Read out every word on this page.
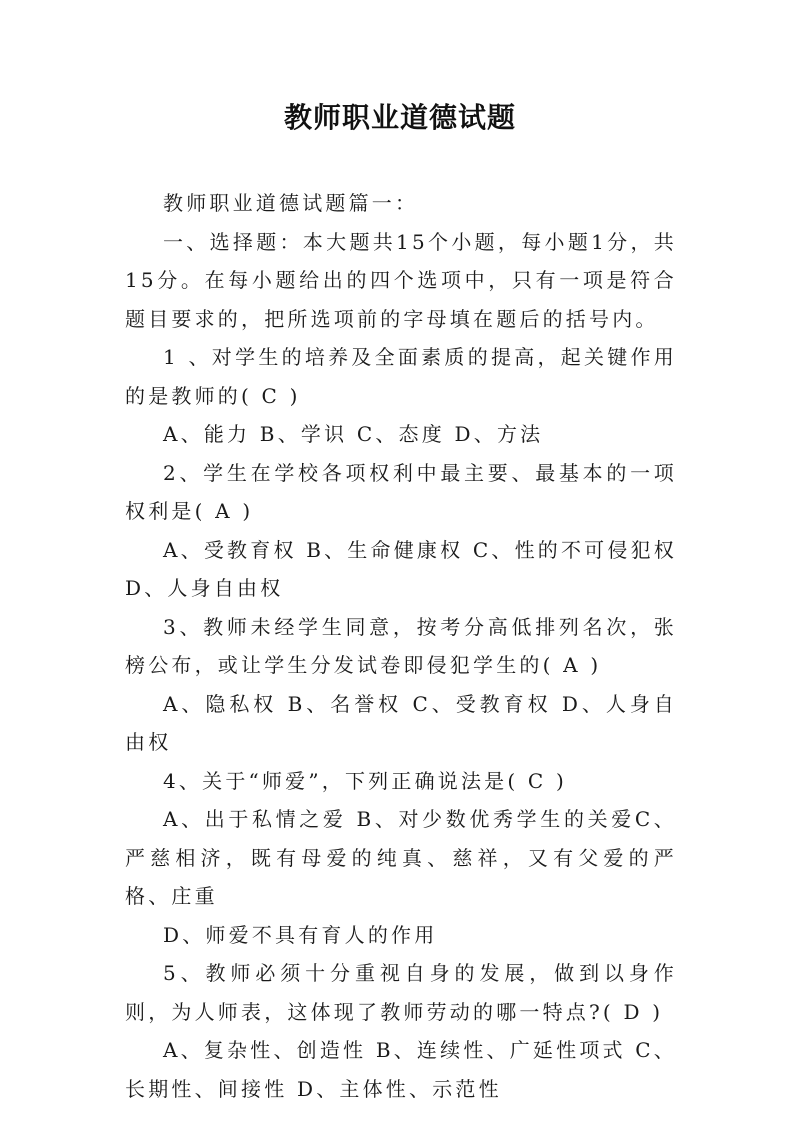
教师职业道德试题

教师职业道德试题篇一：

一、选择题：本大题共15个小题，每小题1分，共15分。在每小题给出的四个选项中，只有一项是符合题目要求的，把所选项前的字母填在题后的括号内。

1 、对学生的培养及全面素质的提高，起关键作用的是教师的( C )

A、能力 B、学识 C、态度 D、方法

2、学生在学校各项权利中最主要、最基本的一项权利是( A )

A、受教育权 B、生命健康权 C、性的不可侵犯权 D、人身自由权

3、教师未经学生同意，按考分高低排列名次，张榜公布，或让学生分发试卷即侵犯学生的( A )

A、隐私权 B、名誉权 C、受教育权 D、人身自由权

4、关于“师爱”，下列正确说法是( C )

A、出于私情之爱 B、对少数优秀学生的关爱C、严慈相济，既有母爱的纯真、慈祥，又有父爱的严格、庄重

D、师爱不具有育人的作用

5、教师必须十分重视自身的发展，做到以身作则，为人师表，这体现了教师劳动的哪一特点?( D )

A、复杂性、创造性 B、连续性、广延性项式 C、长期性、间接性 D、主体性、示范性
